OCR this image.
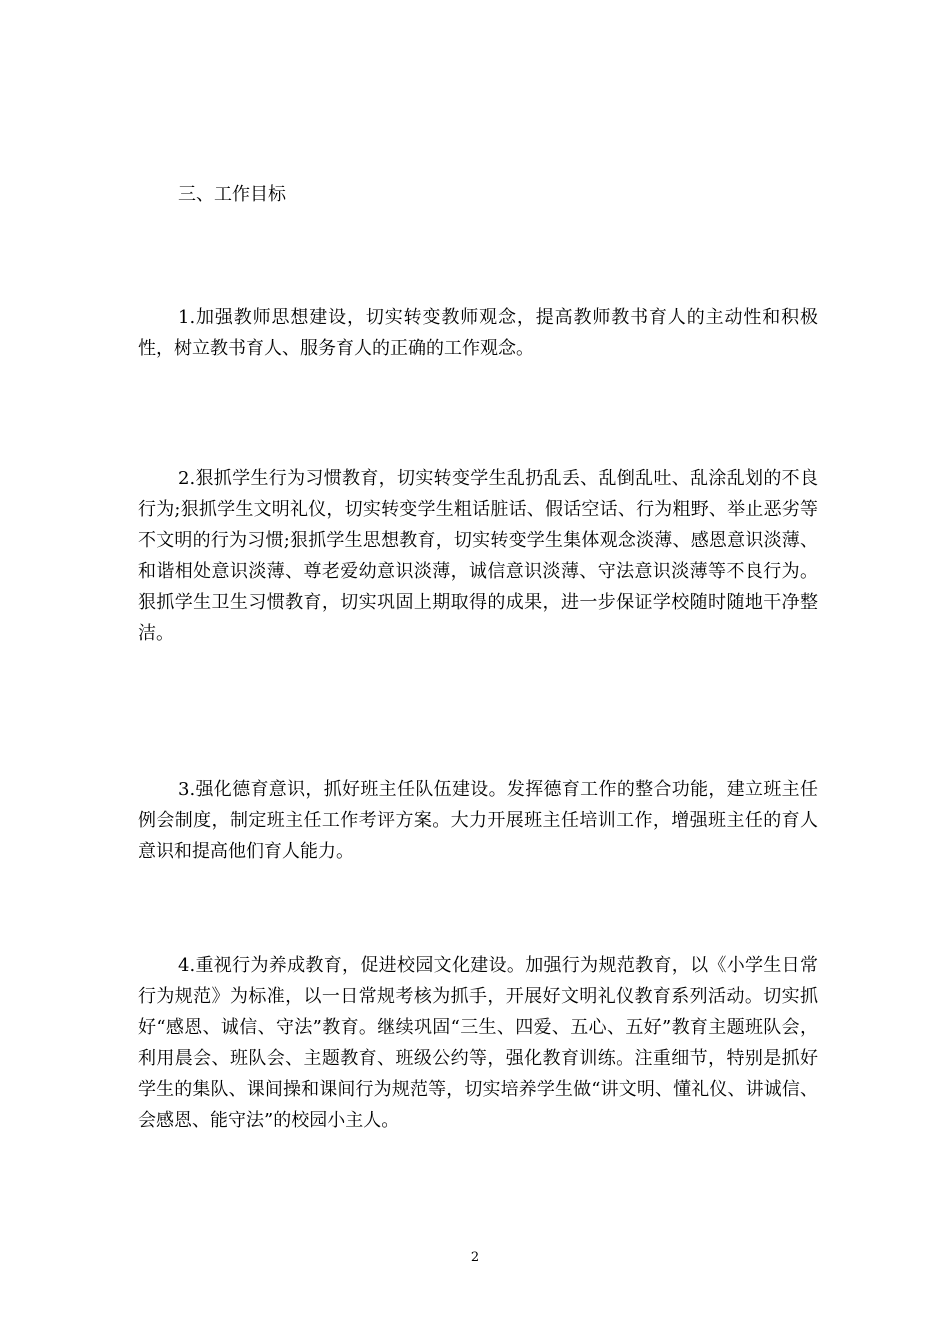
三、工作目标

1.加强教师思想建设，切实转变教师观念，提高教师教书育人的主动性和积极性，树立教书育人、服务育人的正确的工作观念。

2.狠抓学生行为习惯教育，切实转变学生乱扔乱丢、乱倒乱吐、乱涂乱划的不良行为;狠抓学生文明礼仪，切实转变学生粗话脏话、假话空话、行为粗野、举止恶劣等不文明的行为习惯;狠抓学生思想教育，切实转变学生集体观念淡薄、感恩意识淡薄、和谐相处意识淡薄、尊老爱幼意识淡薄，诚信意识淡薄、守法意识淡薄等不良行为。狠抓学生卫生习惯教育，切实巩固上期取得的成果，进一步保证学校随时随地干净整洁。

3.强化德育意识，抓好班主任队伍建设。发挥德育工作的整合功能，建立班主任例会制度，制定班主任工作考评方案。大力开展班主任培训工作，增强班主任的育人意识和提高他们育人能力。

4.重视行为养成教育，促进校园文化建设。加强行为规范教育，以《小学生日常行为规范》为标准，以一日常规考核为抓手，开展好文明礼仪教育系列活动。切实抓好“感恩、诚信、守法”教育。继续巩固“三生、四爱、五心、五好”教育主题班队会，利用晨会、班队会、主题教育、班级公约等，强化教育训练。注重细节，特别是抓好学生的集队、课间操和课间行为规范等，切实培养学生做“讲文明、懂礼仪、讲诚信、会感恩、能守法”的校园小主人。

2
